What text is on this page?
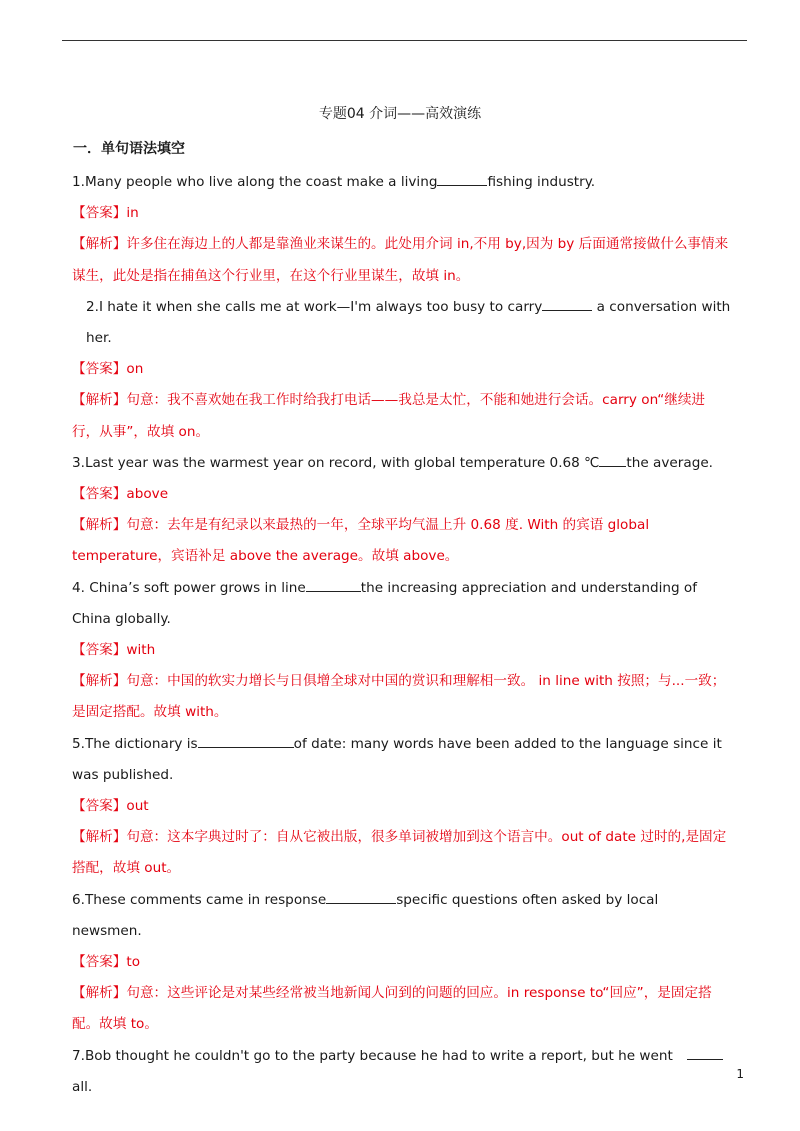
专题04 介词——高效演练
一．单句语法填空

1.Many people who live along the coast make a living	fishing industry.

【答案】in

【解析】许多住在海边上的人都是靠渔业来谋生的。此处用介词 in,不用 by,因为 by 后面通常接做什么事情来谋生，此处是指在捕鱼这个行业里，在这个行业里谋生，故填 in。

2.I hate it when she calls me at work—I'm always too busy to carry	a conversation with her.

【答案】on

【解析】句意：我不喜欢她在我工作时给我打电话——我总是太忙，不能和她进行会话。carry on“继续进行，从事”，故填 on。

3.Last year was the warmest year on record, with global temperature 0.68 ℃ the average.

【答案】above

【解析】句意：去年是有纪录以来最热的一年，全球平均气温上升 0.68 度. With 的宾语 global temperature，宾语补足 above the average。故填 above。

4. China’s soft power grows in line	the increasing appreciation and understanding of China globally.

【答案】with

【解析】句意：中国的软实力增长与日俱增全球对中国的赏识和理解相一致。 in line with 按照；与...一致；是固定搭配。故填 with。

5.The dictionary is	of date: many words have been added to the language since it was published.

【答案】out

【解析】句意：这本字典过时了：自从它被出版，很多单词被增加到这个语言中。out of date 过时的,是固定搭配，故填 out。

6.These comments came in response	specific questions often asked by local newsmen.

【答案】to

【解析】句意：这些评论是对某些经常被当地新闻人问到的问题的回应。in response to“回应”，是固定搭配。故填 to。

7.Bob thought he couldn't go to the party because he had to write a report, but he wentall.

1
